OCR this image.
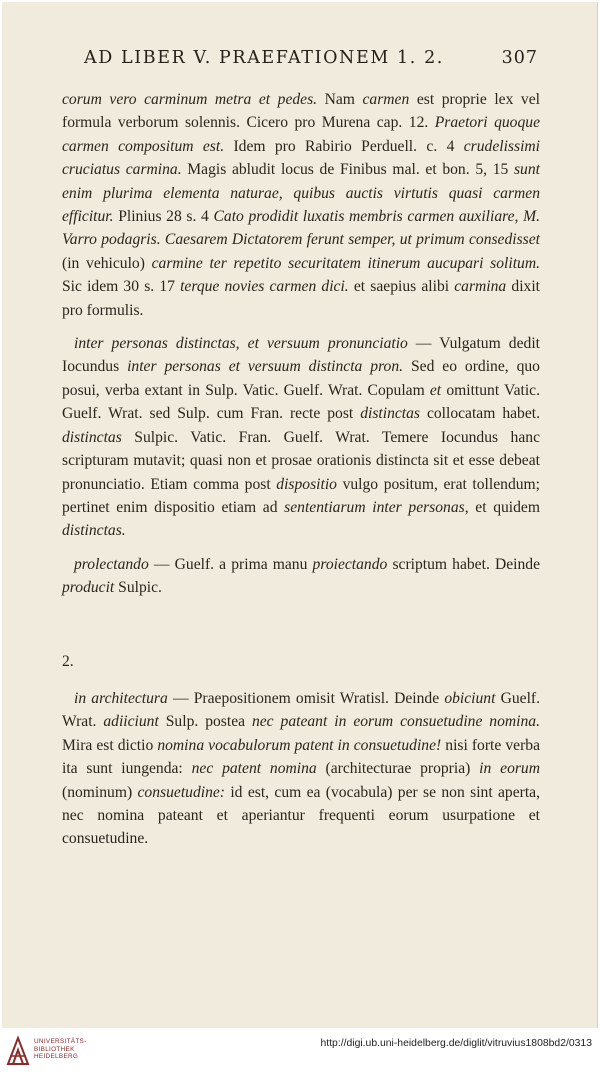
AD LIBER V. PRAEFATIONEM 1. 2.	307

corum vero carminum metra et pedes. Nam carmen est proprie lex vel formula verborum solennis. Cicero pro Murena cap. 12. Praetori quoque carmen compositum est. Idem pro Rabirio Perduell. c. 4 crudelissimi cruciatus carmina. Magis abludit locus de Finibus mal. et bon. 5, 15 sunt enim plurima elementa naturae, quibus auctis virtutis quasi carmen efficitur. Plinius 28 s. 4 Cato prodidit luxatis membris carmen auxiliare, M. Varro podagris. Caesarem Dictatorem ferunt semper, ut primum consedisset (in vehiculo) carmine ter repetito securitatem itinerum aucupari solitum. Sic idem 30 s. 17 terque novies carmen dici. et saepius alibi carmina dixit pro formulis.

inter personas distinctas, et versuum pronunciatio — Vulgatum dedit Iocundus inter personas et versuum distincta pron. Sed eo ordine, quo posui, verba extant in Sulp. Vatic. Guelf. Wrat. Copulam et omittunt Vatic. Guelf. Wrat. sed Sulp. cum Fran. recte post distinctas collocatam habet. distinctas Sulpic. Vatic. Fran. Guelf. Wrat. Temere Iocundus hanc scripturam mutavit; quasi non et prosae orationis distincta sit et esse debeat pronunciatio. Etiam comma post dispositio vulgo positum, erat tollendum; pertinet enim dispositio etiam ad sententiarum inter personas, et quidem distinctas.

prolectando — Guelf. a prima manu proiectando scriptum habet. Deinde producit Sulpic.

2.

in architectura — Praepositionem omisit Wratisl. Deinde obiciunt Guelf. Wrat. adiiciunt Sulp. postea nec pateant in eorum consuetudine nomina. Mira est dictio nomina vocabulorum patent in consuetudine! nisi forte verba ita sunt iungenda: nec patent nomina (architecturae propria) in eorum (nominum) consuetudine: id est, cum ea (vocabula) per se non sint aperta, nec nomina pateant et aperiantur frequenti eorum usurpatione et consuetudine.

UNIVERSITÄTS-
BIBLIOTHEK
HEIDELBERG
http://digi.ub.uni-heidelberg.de/diglit/vitruvius1808bd2/0313
